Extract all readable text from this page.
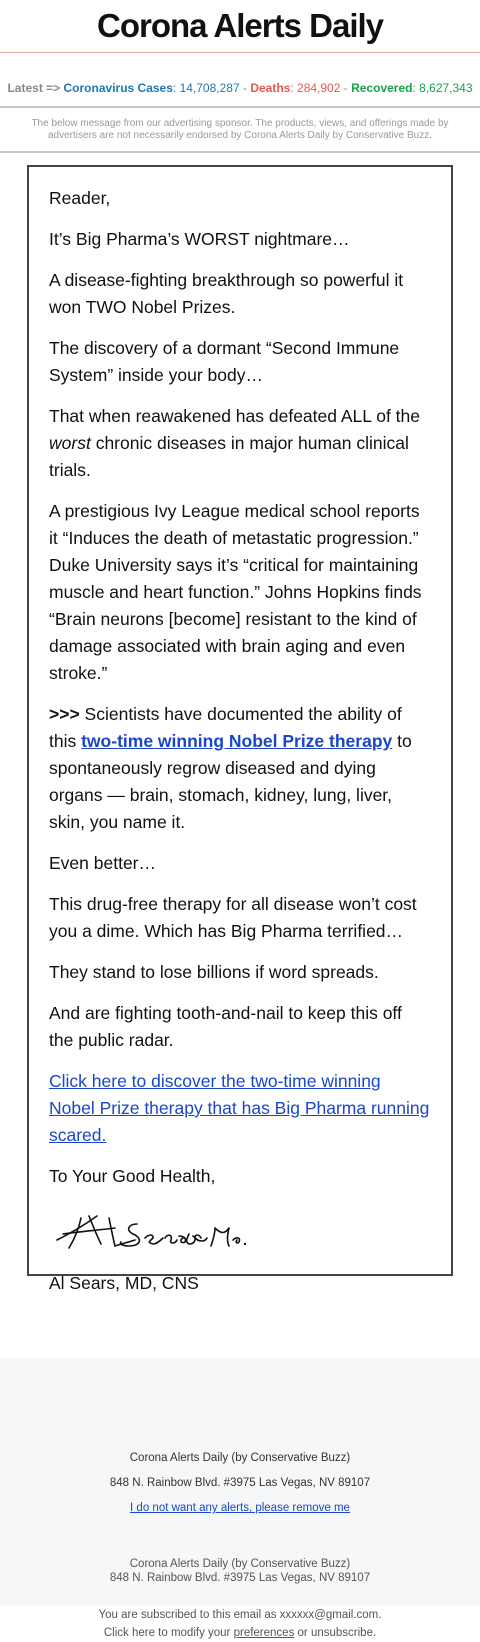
Corona Alerts Daily
Latest => Coronavirus Cases: 14,708,287 - Deaths: 284,902 - Recovered: 8,627,343
The below message from our advertising sponsor. The products, views, and offerings made by advertisers are not necessarily endorsed by Corona Alerts Daily by Conservative Buzz.

Reader,

It’s Big Pharma’s WORST nightmare…

A disease-fighting breakthrough so powerful it won TWO Nobel Prizes.

The discovery of a dormant “Second Immune System” inside your body…

That when reawakened has defeated ALL of the worst chronic diseases in major human clinical trials.

A prestigious Ivy League medical school reports it “Induces the death of metastatic progression.” Duke University says it’s “critical for maintaining muscle and heart function.” Johns Hopkins finds “Brain neurons [become] resistant to the kind of damage associated with brain aging and even stroke.”

>>> Scientists have documented the ability of this two-time winning Nobel Prize therapy to spontaneously regrow diseased and dying organs — brain, stomach, kidney, lung, liver, skin, you name it.

Even better…

This drug-free therapy for all disease won’t cost you a dime. Which has Big Pharma terrified…

They stand to lose billions if word spreads.

And are fighting tooth-and-nail to keep this off the public radar.

Click here to discover the two-time winning Nobel Prize therapy that has Big Pharma running scared.

To Your Good Health,

Al Sears, MD.

Al Sears, MD, CNS

Corona Alerts Daily (by Conservative Buzz)
848 N. Rainbow Blvd. #3975 Las Vegas, NV 89107
I do not want any alerts, please remove me
Corona Alerts Daily (by Conservative Buzz)
848 N. Rainbow Blvd. #3975 Las Vegas, NV 89107
You are subscribed to this email as xxxxxx@gmail.com.
Click here to modify your preferences or unsubscribe.
